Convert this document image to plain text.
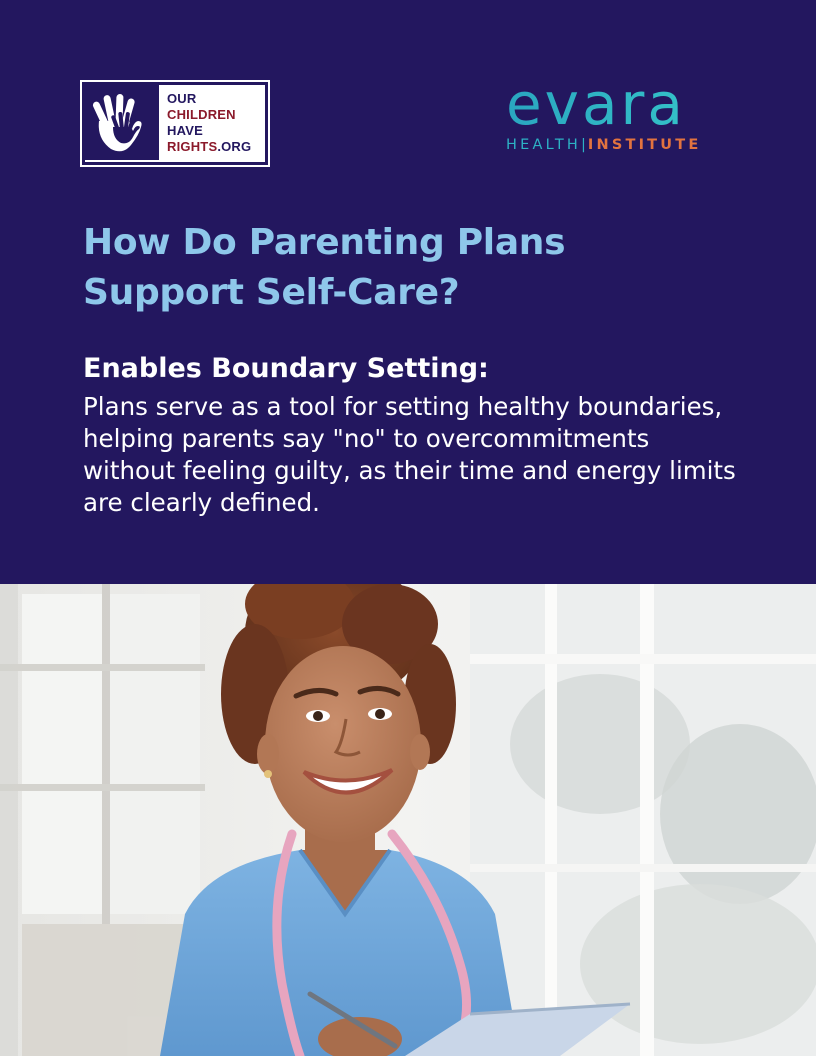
OUR
CHILDREN
HAVE
RIGHTS.ORG
evara
HEALTH|INSTITUTE
How Do Parenting Plans
Support Self-Care?
Enables Boundary Setting:

Plans serve as a tool for setting healthy boundaries, helping parents say "no" to overcommitments without feeling guilty, as their time and energy limits are clearly defined.
